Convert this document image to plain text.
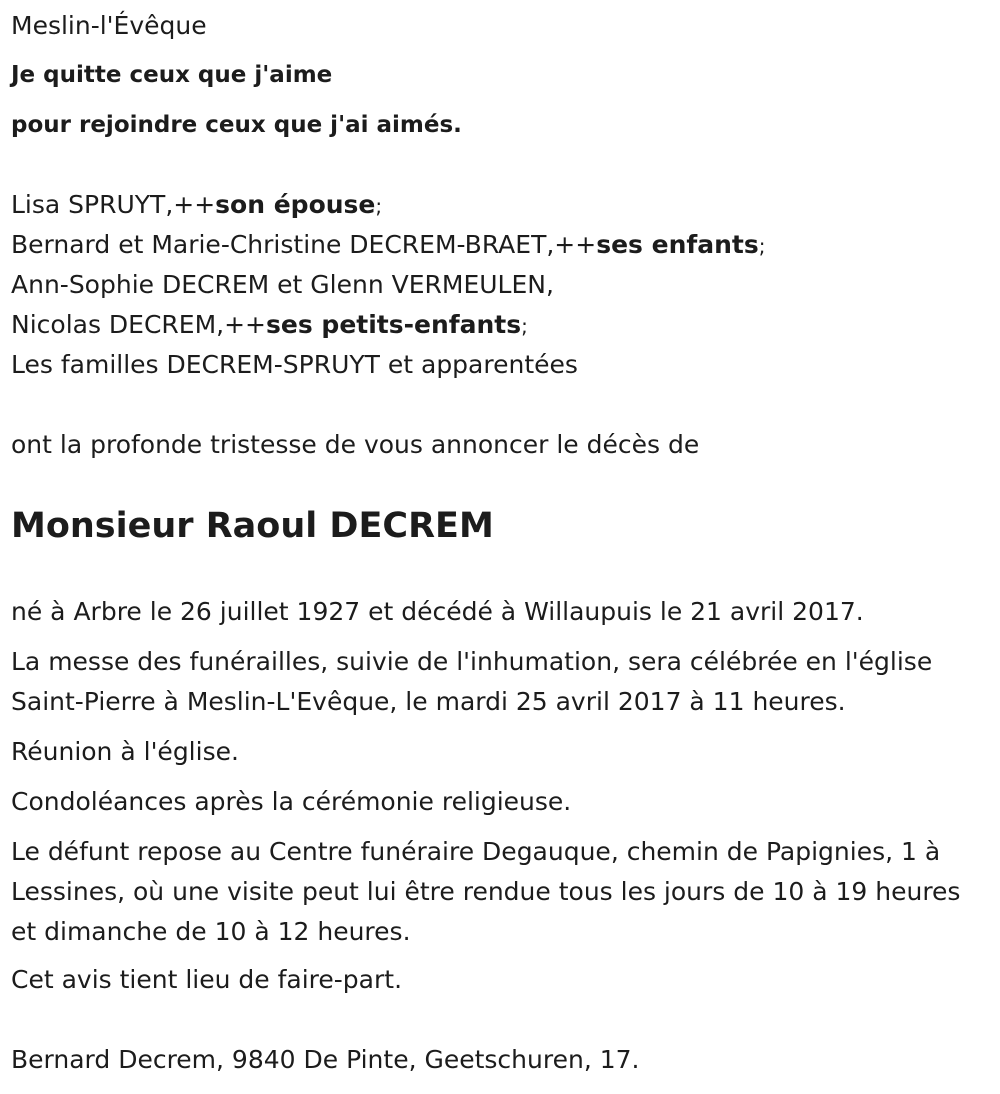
Meslin-l'Évêque
Je quitte ceux que j'aime
pour rejoindre ceux que j'ai aimés.
Lisa SPRUYT,++son épouse;
Bernard et Marie-Christine DECREM-BRAET,++ses enfants;
Ann-Sophie DECREM et Glenn VERMEULEN,
Nicolas DECREM,++ses petits-enfants;
Les familles DECREM-SPRUYT et apparentées
ont la profonde tristesse de vous annoncer le décès de
Monsieur Raoul DECREM
né à Arbre le 26 juillet 1927 et décédé à Willaupuis le 21 avril 2017.
La messe des funérailles, suivie de l'inhumation, sera célébrée en l'église Saint-Pierre à Meslin-L'Evêque, le mardi 25 avril 2017 à 11 heures.
Réunion à l'église.
Condoléances après la cérémonie religieuse.
Le défunt repose au Centre funéraire Degauque, chemin de Papignies, 1 à Lessines, où une visite peut lui être rendue tous les jours de 10 à 19 heures et dimanche de 10 à 12 heures.
Cet avis tient lieu de faire-part.
Bernard Decrem, 9840 De Pinte, Geetschuren, 17.
